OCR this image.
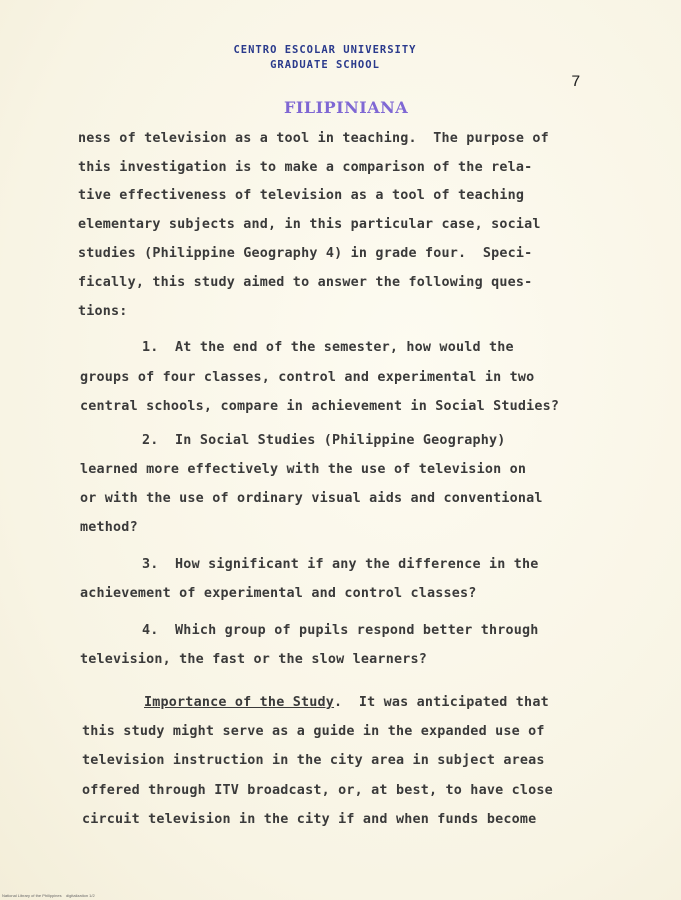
CENTRO ESCOLAR UNIVERSITY
GRADUATE SCHOOL
7
FILIPINIANA
ness of television as a tool in teaching.  The purpose of
this investigation is to make a comparison of the rela-
tive effectiveness of television as a tool of teaching
elementary subjects and, in this particular case, social
studies (Philippine Geography 4) in grade four.  Speci-
fically, this study aimed to answer the following ques-
tions:
1.  At the end of the semester, how would the
groups of four classes, control and experimental in two
central schools, compare in achievement in Social Studies?
2.  In Social Studies (Philippine Geography)
learned more effectively with the use of television on
or with the use of ordinary visual aids and conventional
method?
3.  How significant if any the difference in the
achievement of experimental and control classes?
4.  Which group of pupils respond better through
television, the fast or the slow learners?
Importance of the Study.  It was anticipated that
this study might serve as a guide in the expanded use of
television instruction in the city area in subject areas
offered through ITV broadcast, or, at best, to have close
circuit television in the city if and when funds become
National Library of the Philippines    digitalization 1/2
